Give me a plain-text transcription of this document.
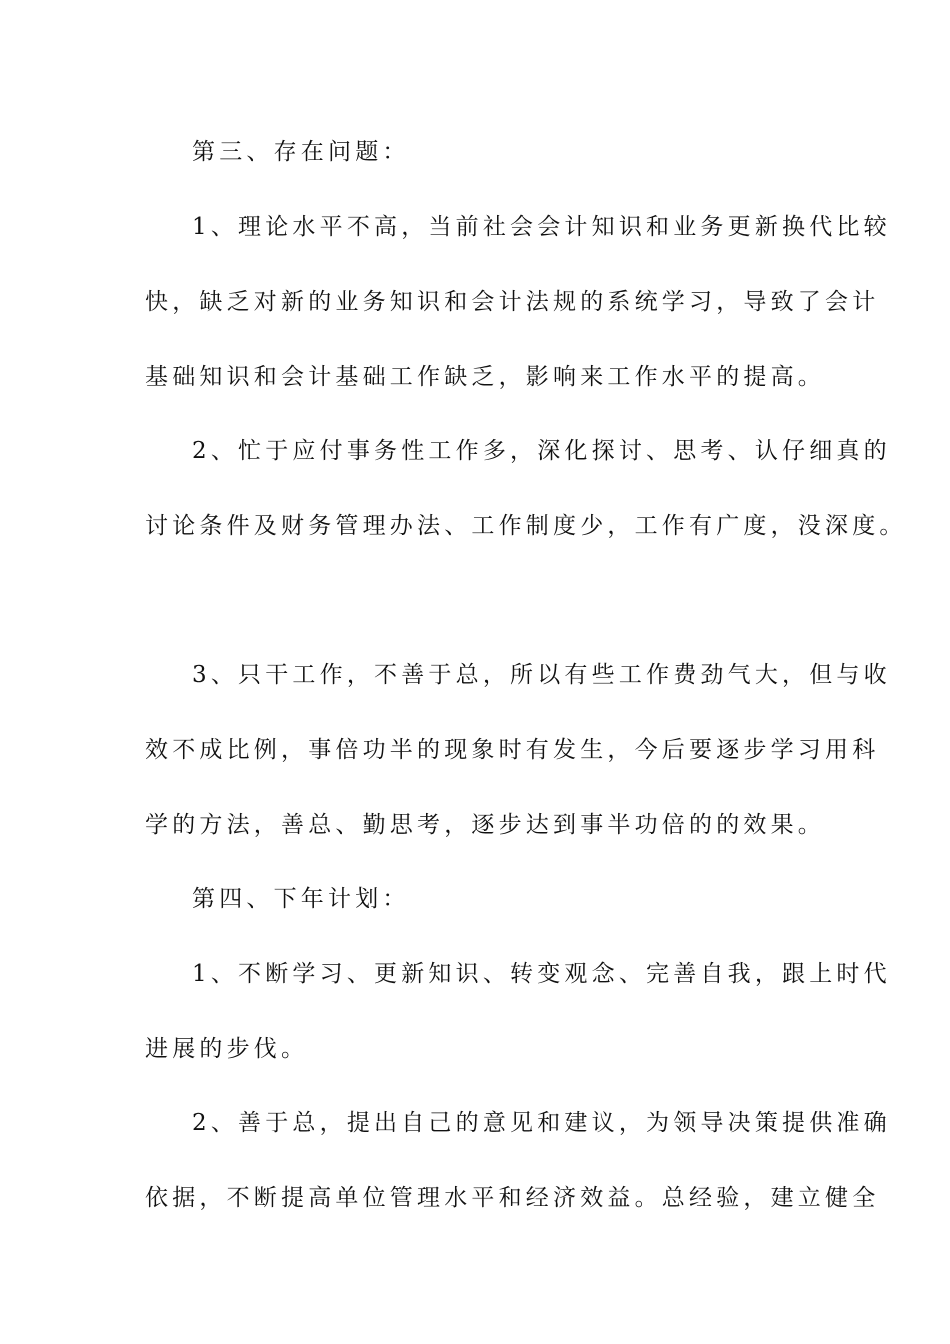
第三、存在问题：
1、理论水平不高，当前社会会计知识和业务更新换代比较
快，缺乏对新的业务知识和会计法规的系统学习，导致了会计
基础知识和会计基础工作缺乏，影响来工作水平的提高。
2、忙于应付事务性工作多，深化探讨、思考、认仔细真的
讨论条件及财务管理办法、工作制度少，工作有广度，没深度。
3、只干工作，不善于总，所以有些工作费劲气大，但与收
效不成比例，事倍功半的现象时有发生，今后要逐步学习用科
学的方法，善总、勤思考，逐步达到事半功倍的的效果。
第四、下年计划：
1、不断学习、更新知识、转变观念、完善自我，跟上时代
进展的步伐。
2、善于总，提出自己的意见和建议，为领导决策提供准确
依据，不断提高单位管理水平和经济效益。总经验，建立健全
